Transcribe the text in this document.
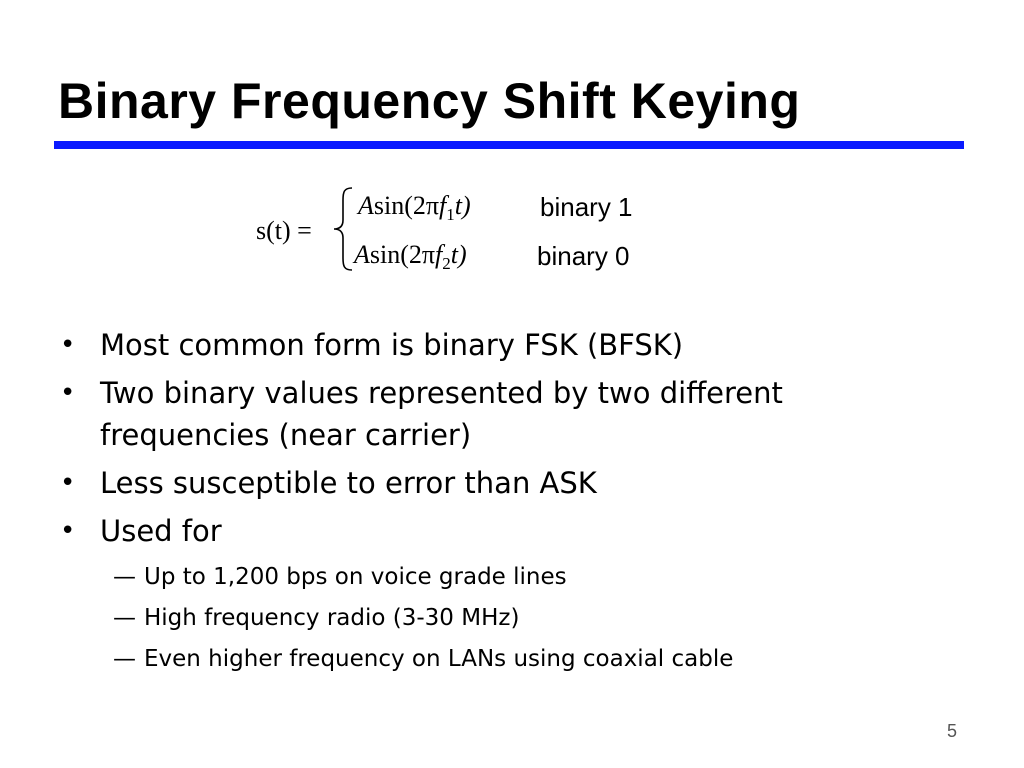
Binary Frequency Shift Keying
s(t) =
$Asin(2\pi f_1t)$	binary 1
$Asin(2\pi f_2t)$	binary 0
• Most common form is binary FSK (BFSK)
• Two binary values represented by two different frequencies (near carrier)
• Less susceptible to error than ASK
• Used for
— Up to 1,200 bps on voice grade lines
— High frequency radio (3-30 MHz)
— Even higher frequency on LANs using coaxial cable
5
